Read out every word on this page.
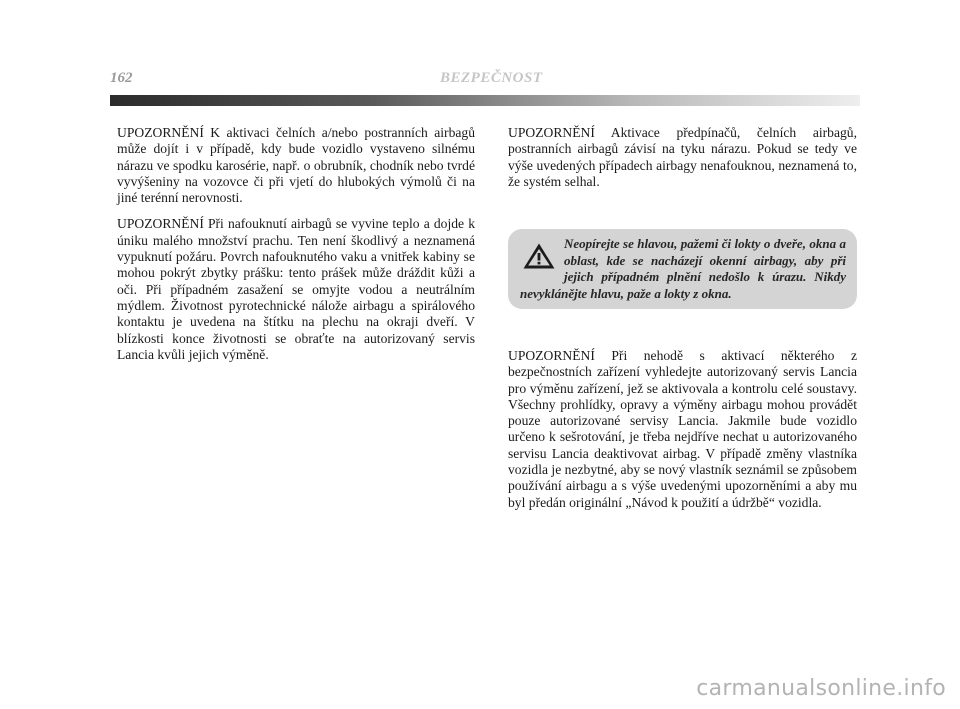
162	BEZPEČNOST

UPOZORNĚNÍ K aktivaci čelních a/nebo postranních airbagů může dojít i v případě, kdy bude vozidlo vystaveno silnému nárazu ve spodku karosérie, např. o obrubník, chodník nebo tvrdé vyvýšeniny na vozovce či při vjetí do hlubokých výmolů či na jiné terénní nerovnosti.

UPOZORNĚNÍ Při nafouknutí airbagů se vyvine teplo a dojde k úniku malého množství prachu. Ten není škodlivý a neznamená vypuknutí požáru. Povrch nafouknutého vaku a vnitřek kabiny se mohou pokrýt zbytky prášku: tento prášek může dráždit kůži a oči. Při případném zasažení se omyjte vodou a neutrálním mýdlem. Životnost pyrotechnické nálože airbagu a spirálového kontaktu je uvedena na štítku na plechu na okraji dveří. V blízkosti konce životnosti se obraťte na autorizovaný servis Lancia kvůli jejich výměně.

UPOZORNĚNÍ Aktivace předpínačů, čelních airbagů, postranních airbagů závisí na tyku nárazu. Pokud se tedy ve výše uvedených případech airbagy nenafouknou, neznamená to, že systém selhal.

Neopírejte se hlavou, pažemi či lokty o dveře, okna a oblast, kde se nacházejí okenní airbagy, aby při jejich případném plnění nedošlo k úrazu. Nikdy nevyklánějte hlavu, paže a lokty z okna.

UPOZORNĚNÍ Při nehodě s aktivací některého z bezpečnostních zařízení vyhledejte autorizovaný servis Lancia pro výměnu zařízení, jež se aktivovala a kontrolu celé soustavy. Všechny prohlídky, opravy a výměny airbagu mohou provádět pouze autorizované servisy Lancia. Jakmile bude vozidlo určeno k sešrotování, je třeba nejdříve nechat u autorizovaného servisu Lancia deaktivovat airbag. V případě změny vlastníka vozidla je nezbytné, aby se nový vlastník seznámil se způsobem používání airbagu a s výše uvedenými upozorněními a aby mu byl předán originální „Návod k použití a údržbě“ vozidla.

carmanualsonline.info
